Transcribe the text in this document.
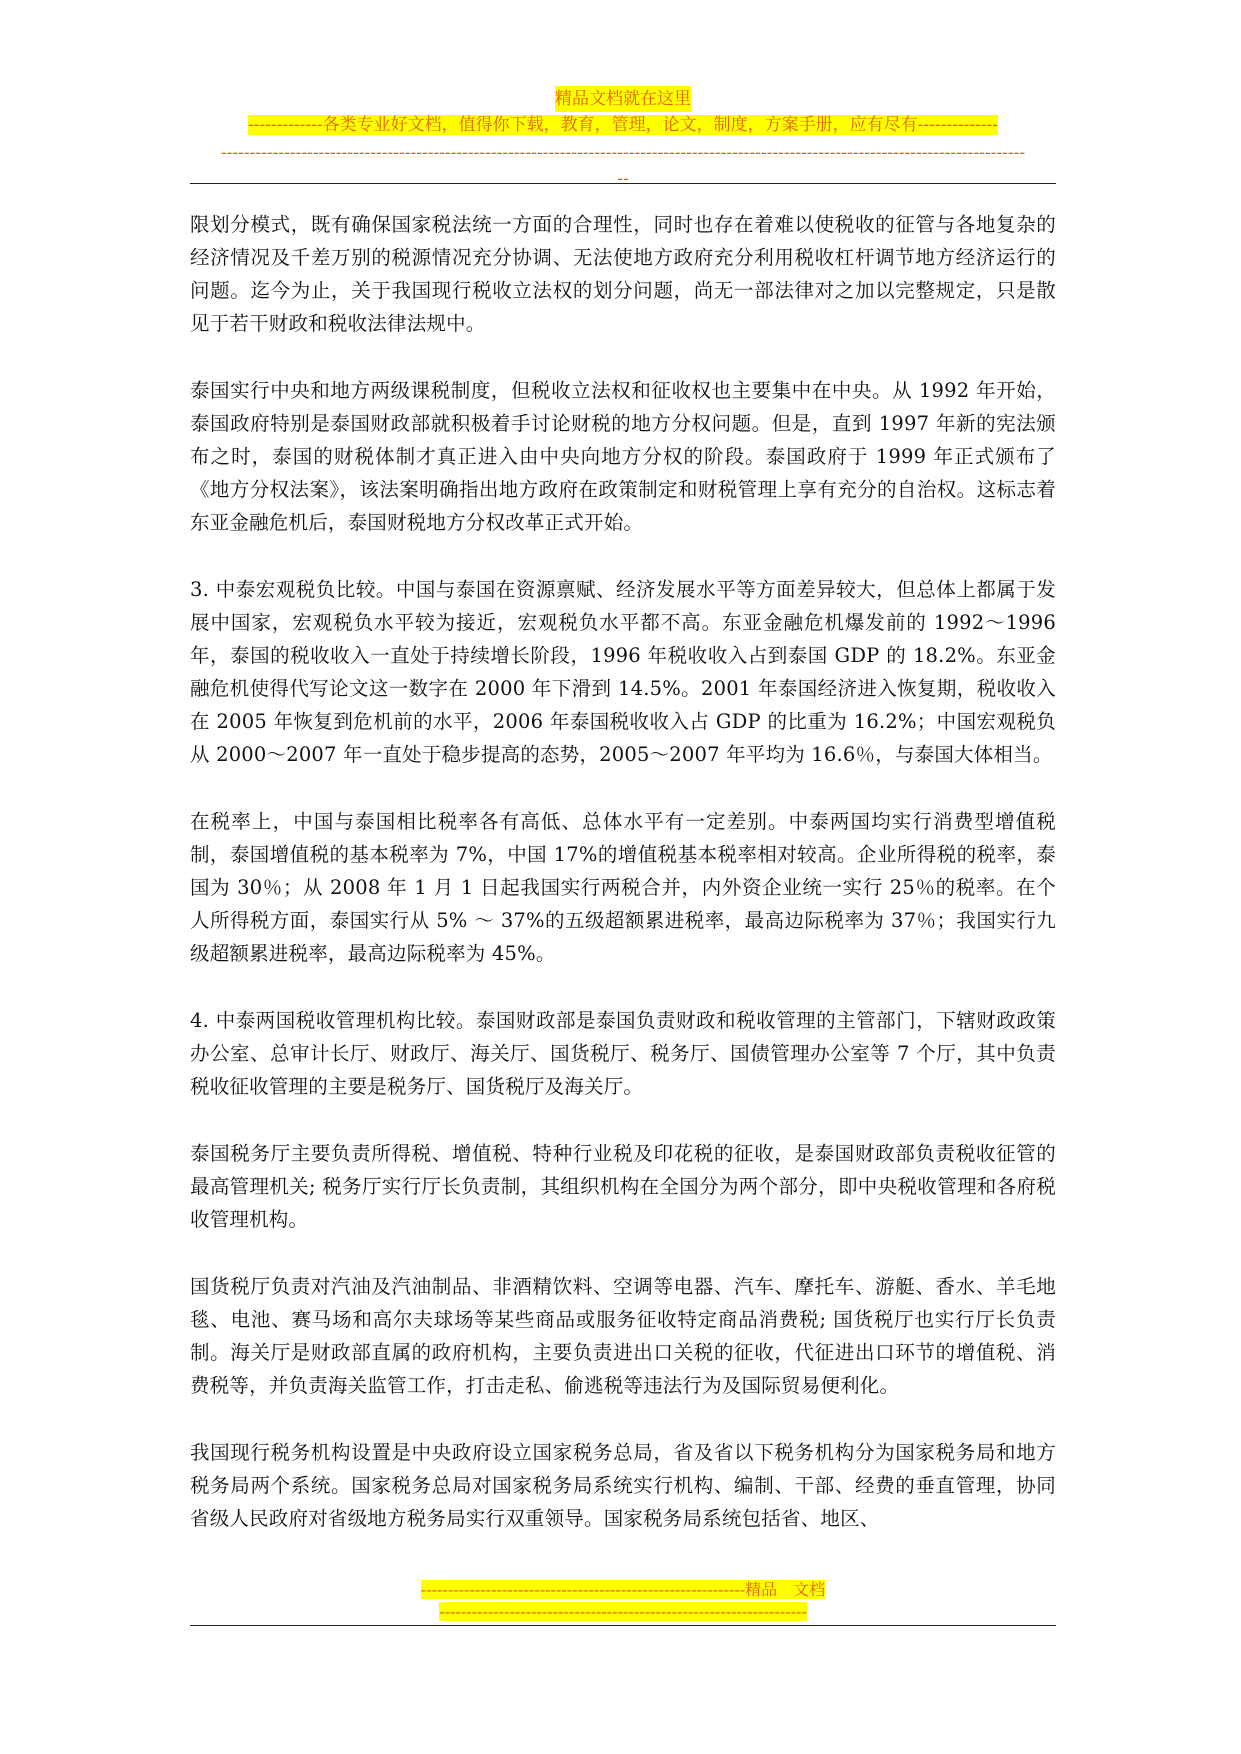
精品文档就在这里
-------------各类专业好文档，值得你下载，教育，管理，论文，制度，方案手册，应有尽有--------------
--------------------------------------------------------------------------------------------------------------------------------------------
--

限划分模式，既有确保国家税法统一方面的合理性，同时也存在着难以使税收的征管与各地复杂的经济情况及千差万别的税源情况充分协调、无法使地方政府充分利用税收杠杆调节地方经济运行的问题。迄今为止，关于我国现行税收立法权的划分问题，尚无一部法律对之加以完整规定，只是散见于若干财政和税收法律法规中。

泰国实行中央和地方两级课税制度，但税收立法权和征收权也主要集中在中央。从 1992 年开始，泰国政府特别是泰国财政部就积极着手讨论财税的地方分权问题。但是，直到 1997 年新的宪法颁布之时，泰国的财税体制才真正进入由中央向地方分权的阶段。泰国政府于 1999 年正式颁布了《地方分权法案》，该法案明确指出地方政府在政策制定和财税管理上享有充分的自治权。这标志着东亚金融危机后，泰国财税地方分权改革正式开始。

3. 中泰宏观税负比较。中国与泰国在资源禀赋、经济发展水平等方面差异较大，但总体上都属于发展中国家，宏观税负水平较为接近，宏观税负水平都不高。东亚金融危机爆发前的 1992～1996 年，泰国的税收收入一直处于持续增长阶段，1996 年税收收入占到泰国 GDP 的 18.2%。东亚金融危机使得代写论文这一数字在 2000 年下滑到 14.5%。2001 年泰国经济进入恢复期，税收收入在 2005 年恢复到危机前的水平，2006 年泰国税收收入占 GDP 的比重为 16.2%；中国宏观税负从 2000～2007 年一直处于稳步提高的态势，2005～2007 年平均为 16.6％，与泰国大体相当。

在税率上，中国与泰国相比税率各有高低、总体水平有一定差别。中泰两国均实行消费型增值税制，泰国增值税的基本税率为 7%，中国 17%的增值税基本税率相对较高。企业所得税的税率，泰国为 30％；从 2008 年 1 月 1 日起我国实行两税合并，内外资企业统一实行 25％的税率。在个人所得税方面，泰国实行从 5% ～ 37%的五级超额累进税率，最高边际税率为 37％；我国实行九级超额累进税率，最高边际税率为 45%。

4. 中泰两国税收管理机构比较。泰国财政部是泰国负责财政和税收管理的主管部门，下辖财政政策办公室、总审计长厅、财政厅、海关厅、国货税厅、税务厅、国债管理办公室等 7 个厅，其中负责税收征收管理的主要是税务厅、国货税厅及海关厅。

泰国税务厅主要负责所得税、增值税、特种行业税及印花税的征收，是泰国财政部负责税收征管的最高管理机关; 税务厅实行厅长负责制，其组织机构在全国分为两个部分，即中央税收管理和各府税收管理机构。

国货税厅负责对汽油及汽油制品、非酒精饮料、空调等电器、汽车、摩托车、游艇、香水、羊毛地毯、电池、赛马场和高尔夫球场等某些商品或服务征收特定商品消费税; 国货税厅也实行厅长负责制。海关厅是财政部直属的政府机构，主要负责进出口关税的征收，代征进出口环节的增值税、消费税等，并负责海关监管工作，打击走私、偷逃税等违法行为及国际贸易便利化。

我国现行税务机构设置是中央政府设立国家税务总局，省及省以下税务机构分为国家税务局和地方税务局两个系统。国家税务总局对国家税务局系统实行机构、编制、干部、经费的垂直管理，协同省级人民政府对省级地方税务局实行双重领导。国家税务局系统包括省、地区、

------------------------------------------------------------精品　文档
--------------------------------------------------------------------
